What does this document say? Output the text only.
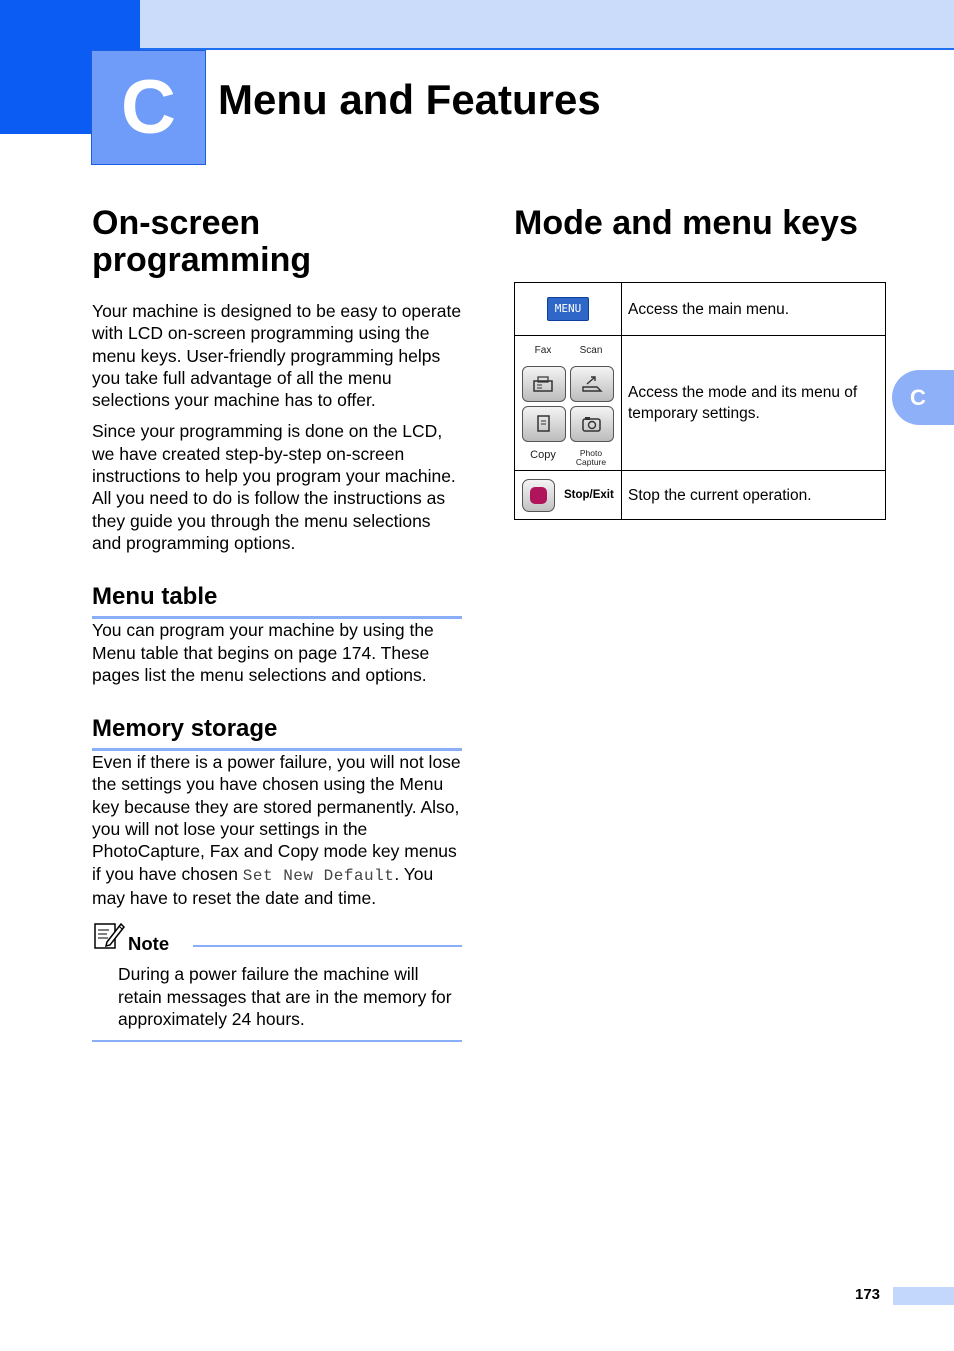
C Menu and Features
C
On-screen programming

Your machine is designed to be easy to operate with LCD on-screen programming using the menu keys. User-friendly programming helps you take full advantage of all the menu selections your machine has to offer.

Since your programming is done on the LCD, we have created step-by-step on-screen instructions to help you program your machine. All you need to do is follow the instructions as they guide you through the menu selections and programming options.

Menu table

You can program your machine by using the Menu table that begins on page 174. These pages list the menu selections and options.

Memory storage

Even if there is a power failure, you will not lose the settings you have chosen using the Menu key because they are stored permanently. Also, you will not lose your settings in the PhotoCapture, Fax and Copy mode key menus if you have chosen Set New Default. You may have to reset the date and time.

Note

During a power failure the machine will retain messages that are in the memory for approximately 24 hours.

Mode and menu keys
MENU	Access the main menu.

Fax Scan
Copy Photo
Capture	Access the mode and its menu of temporary settings.

Stop/Exit	Stop the current operation.
173
